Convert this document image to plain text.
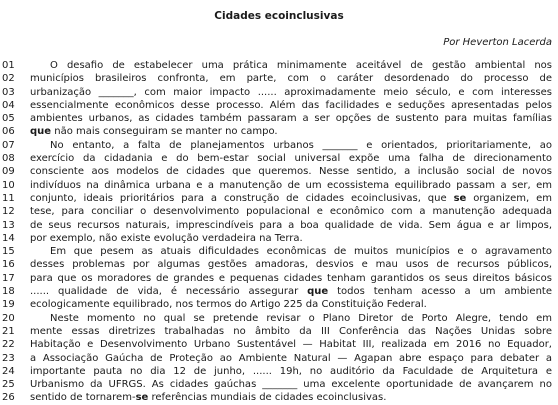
Cidades ecoinclusivas
Por Heverton Lacerda
01	O desafio de estabelecer uma prática minimamente aceitável de gestão ambiental nos
02	municípios brasileiros confronta, em parte, com o caráter desordenado do processo de
03	urbanização _______, com maior impacto ...... aproximadamente meio século, e com interesses
04	essencialmente econômicos desse processo. Além das facilidades e seduções apresentadas pelos
05	ambientes urbanos, as cidades também passaram a ser opções de sustento para muitas famílias
06	que não mais conseguiram se manter no campo.
07	No entanto, a falta de planejamentos urbanos _______ e orientados, prioritariamente, ao
08	exercício da cidadania e do bem-estar social universal expõe uma falha de direcionamento
09	consciente aos modelos de cidades que queremos. Nesse sentido, a inclusão social de novos
10	indivíduos na dinâmica urbana e a manutenção de um ecossistema equilibrado passam a ser, em
11	conjunto, ideais prioritários para a construção de cidades ecoinclusivas, que se organizem, em
12	tese, para conciliar o desenvolvimento populacional e econômico com a manutenção adequada
13	de seus recursos naturais, imprescindíveis para a boa qualidade de vida. Sem água e ar limpos,
14	por exemplo, não existe evolução verdadeira na Terra.
15	Em que pesem as atuais dificuldades econômicas de muitos municípios e o agravamento
16	desses problemas por algumas gestões amadoras, desvios e mau usos de recursos públicos,
17	para que os moradores de grandes e pequenas cidades tenham garantidos os seus direitos básicos
18	...... qualidade de vida, é necessário assegurar que todos tenham acesso a um ambiente
19	ecologicamente equilibrado, nos termos do Artigo 225 da Constituição Federal.
20	Neste momento no qual se pretende revisar o Plano Diretor de Porto Alegre, tendo em
21	mente essas diretrizes trabalhadas no âmbito da III Conferência das Nações Unidas sobre
22	Habitação e Desenvolvimento Urbano Sustentável — Habitat III, realizada em 2016 no Equador,
23	a Associação Gaúcha de Proteção ao Ambiente Natural — Agapan abre espaço para debater a
24	importante pauta no dia 12 de junho, ...... 19h, no auditório da Faculdade de Arquitetura e
25	Urbanismo da UFRGS. As cidades gaúchas _______ uma excelente oportunidade de avançarem no
26	sentido de tornarem-se referências mundiais de cidades ecoinclusivas.
